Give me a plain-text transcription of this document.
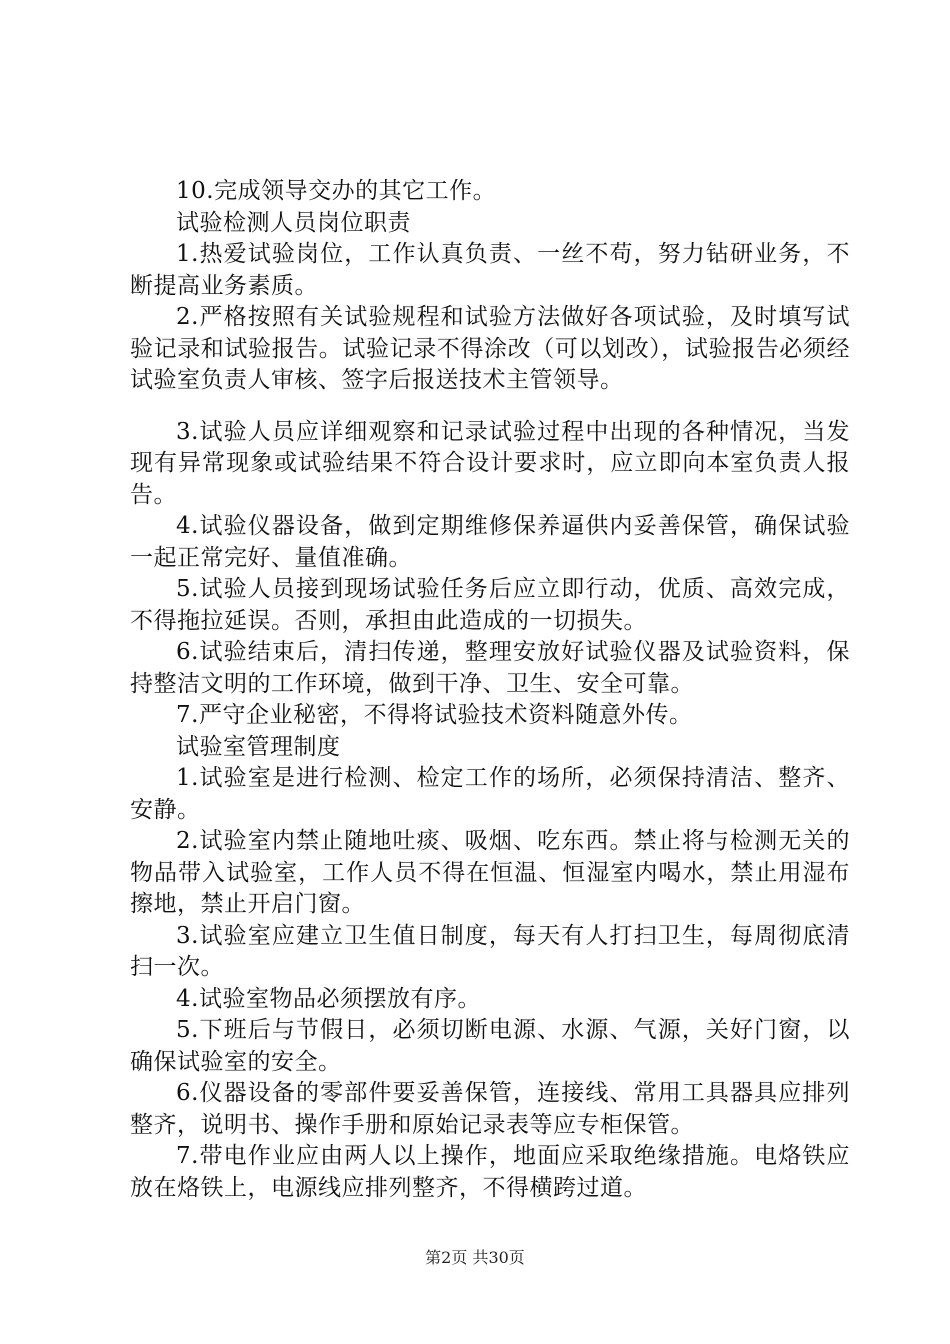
10.完成领导交办的其它工作。

试验检测人员岗位职责

1.热爱试验岗位，工作认真负责、一丝不苟，努力钻研业务，不断提高业务素质。

2.严格按照有关试验规程和试验方法做好各项试验，及时填写试验记录和试验报告。试验记录不得涂改（可以划改），试验报告必须经试验室负责人审核、签字后报送技术主管领导。

3.试验人员应详细观察和记录试验过程中出现的各种情况，当发现有异常现象或试验结果不符合设计要求时，应立即向本室负责人报告。

4.试验仪器设备，做到定期维修保养逼供内妥善保管，确保试验一起正常完好、量值准确。

5.试验人员接到现场试验任务后应立即行动，优质、高效完成，不得拖拉延误。否则，承担由此造成的一切损失。

6.试验结束后，清扫传递，整理安放好试验仪器及试验资料，保持整洁文明的工作环境，做到干净、卫生、安全可靠。

7.严守企业秘密，不得将试验技术资料随意外传。

试验室管理制度

1.试验室是进行检测、检定工作的场所，必须保持清洁、整齐、安静。

2.试验室内禁止随地吐痰、吸烟、吃东西。禁止将与检测无关的物品带入试验室，工作人员不得在恒温、恒湿室内喝水，禁止用湿布擦地，禁止开启门窗。

3.试验室应建立卫生值日制度，每天有人打扫卫生，每周彻底清扫一次。

4.试验室物品必须摆放有序。

5.下班后与节假日，必须切断电源、水源、气源，关好门窗，以确保试验室的安全。

6.仪器设备的零部件要妥善保管，连接线、常用工具器具应排列整齐，说明书、操作手册和原始记录表等应专柜保管。

7.带电作业应由两人以上操作，地面应采取绝缘措施。电烙铁应放在烙铁上，电源线应排列整齐，不得横跨过道。

第2页 共30页
